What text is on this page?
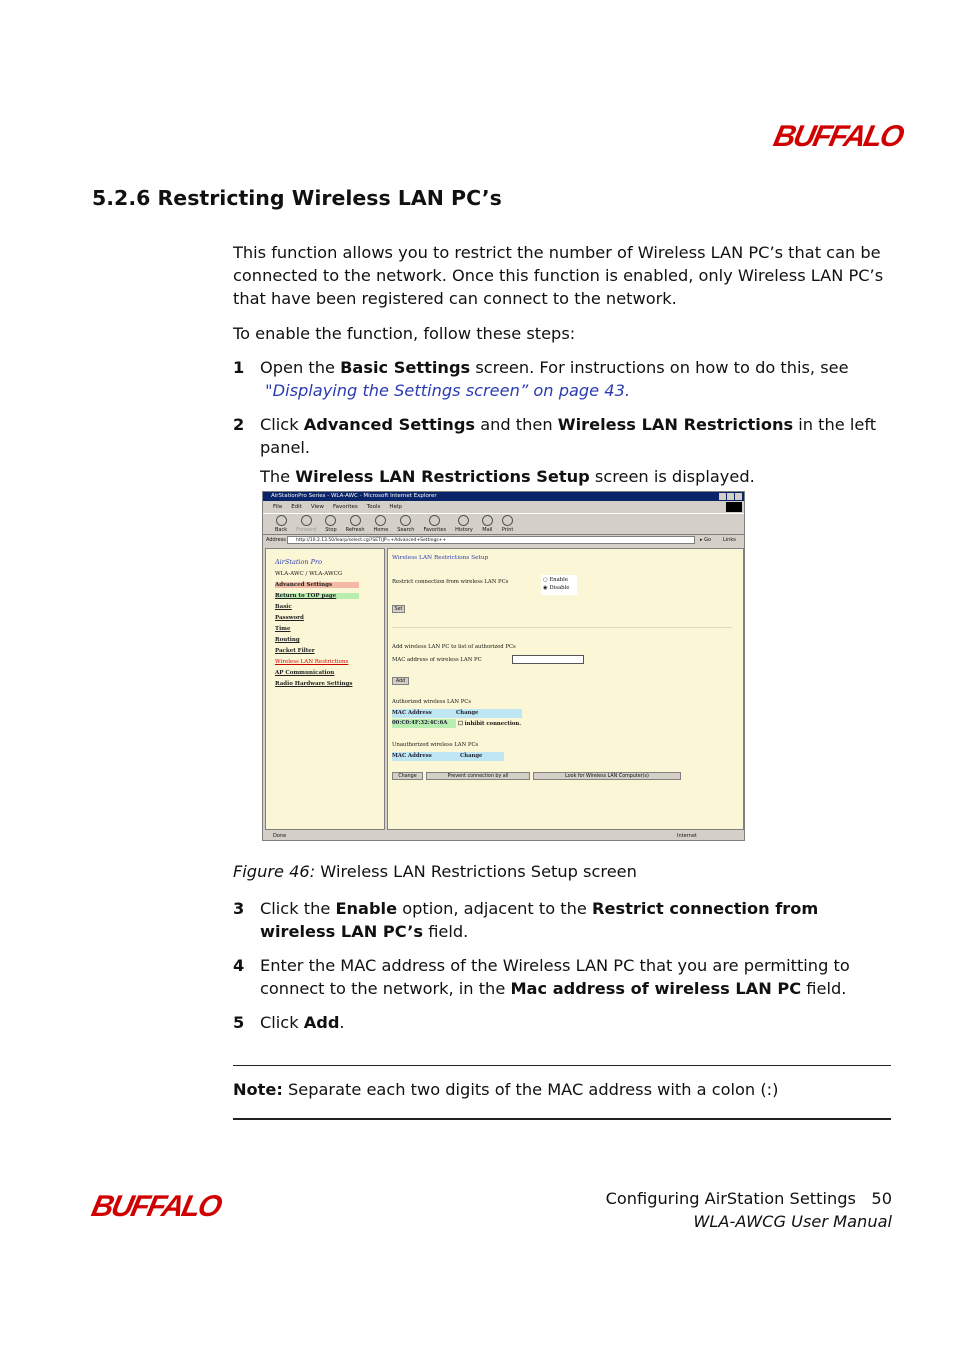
BUFFALO
5.2.6 Restricting Wireless LAN PC’s
This function allows you to restrict the number of Wireless LAN PC’s that can be connected to the network. Once this function is enabled, only Wireless LAN PC’s that have been registered can connect to the network.
To enable the function, follow these steps:
1 Open the Basic Settings screen. For instructions on how to do this, see
"Displaying the Settings screen” on page 43.
2 Click Advanced Settings and then Wireless LAN Restrictions in the left panel.
The Wireless LAN Restrictions Setup screen is displayed.
AirStationPro Series - WLA-AWC - Microsoft Internet Explorer
File Edit View Favorites Tools Help
Back Forward Stop Refresh Home Search Favorites History Mail Print
Address	http://10.2.13.50/learp/select.cgi?SET(JP=+Advanced+Settings++	▸ Go Links
AirStation Pro
WLA-AWC / WLA-AWCG
Advanced Settings
Return to TOP page
Basic
Password
Time
Routing
Packet Filter
Wireless LAN Restrictions
AP Communication
Radio Hardware Settings
Wireless LAN Restrictions Setup
Restrict connection from wireless LAN PCs	○ Enable
◉ Disable
Set
Add wireless LAN PC to list of authorized PCs
MAC address of wireless LAN PC
Add
Authorized wireless LAN PCs
MAC Address	Change
00:C0:4F:32:4C:6A	☐ inhibit connection.
Unauthorized wireless LAN PCs
MAC Address	Change
Change	Prevent connection by all	Look for Wireless LAN Computer(s)
Done	Internet
Figure 46: Wireless LAN Restrictions Setup screen
3 Click the Enable option, adjacent to the Restrict connection from wireless LAN PC’s field.
4 Enter the MAC address of the Wireless LAN PC that you are permitting to connect to the network, in the Mac address of wireless LAN PC field.
5 Click Add.
Note: Separate each two digits of the MAC address with a colon (:)
BUFFALO	Configuring AirStation Settings 50
WLA-AWCG User Manual
